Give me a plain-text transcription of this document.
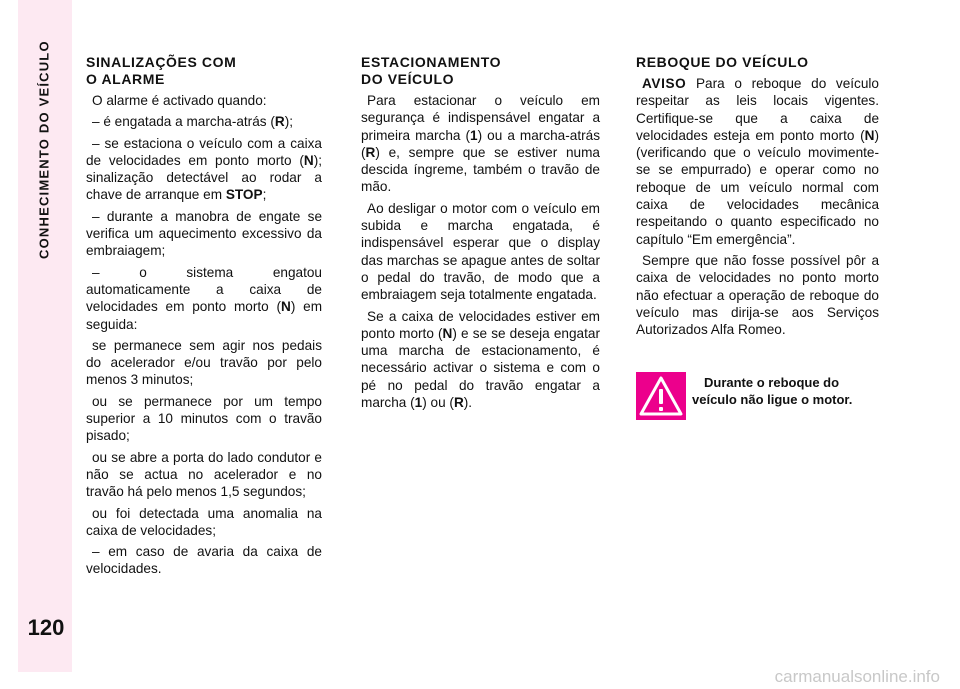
CONHECIMENTO DO VEÍCULO
120
SINALIZAÇÕES COM
O ALARME

O alarme é activado quando:

– é engatada a marcha-atrás (R);

– se estaciona o veículo com a caixa de velocidades em ponto morto (N); sinalização detectável ao rodar a chave de arranque em STOP;

– durante a manobra de engate se verifica um aquecimento excessivo da embraiagem;

– o sistema engatou automaticamente a caixa de velocidades em ponto morto (N) em seguida:

se permanece sem agir nos pedais do acelerador e/ou travão por pelo menos 3 minutos;

ou se permanece por um tempo superior a 10 minutos com o travão pisado;

ou se abre a porta do lado condutor e não se actua no acelerador e no travão há pelo menos 1,5 segundos;

ou foi detectada uma anomalia na caixa de velocidades;

– em caso de avaria da caixa de velocidades.

ESTACIONAMENTO
DO VEÍCULO

Para estacionar o veículo em segurança é indispensável engatar a primeira marcha (1) ou a marcha-atrás (R) e, sempre que se estiver numa descida íngreme, também o travão de mão.

Ao desligar o motor com o veículo em subida e marcha engatada, é indispensável esperar que o display das marchas se apague antes de soltar o pedal do travão, de modo que a embraiagem seja totalmente engatada.

Se a caixa de velocidades estiver em ponto morto (N) e se se deseja engatar uma marcha de estacionamento, é necessário activar o sistema e com o pé no pedal do travão engatar a marcha (1) ou (R).

REBOQUE DO VEÍCULO

AVISO Para o reboque do veículo respeitar as leis locais vigentes. Certifique-se que a caixa de velocidades esteja em ponto morto (N) (verificando que o veículo movimente-se se empurrado) e operar como no reboque de um veículo normal com caixa de velocidades mecânica respeitando o quanto especificado no capítulo “Em emergência”.

Sempre que não fosse possível pôr a caixa de velocidades no ponto morto não efectuar a operação de reboque do veículo mas dirija-se aos Serviços Autorizados Alfa Romeo.

Durante o reboque do veículo não ligue o motor.
carmanualsonline.info
